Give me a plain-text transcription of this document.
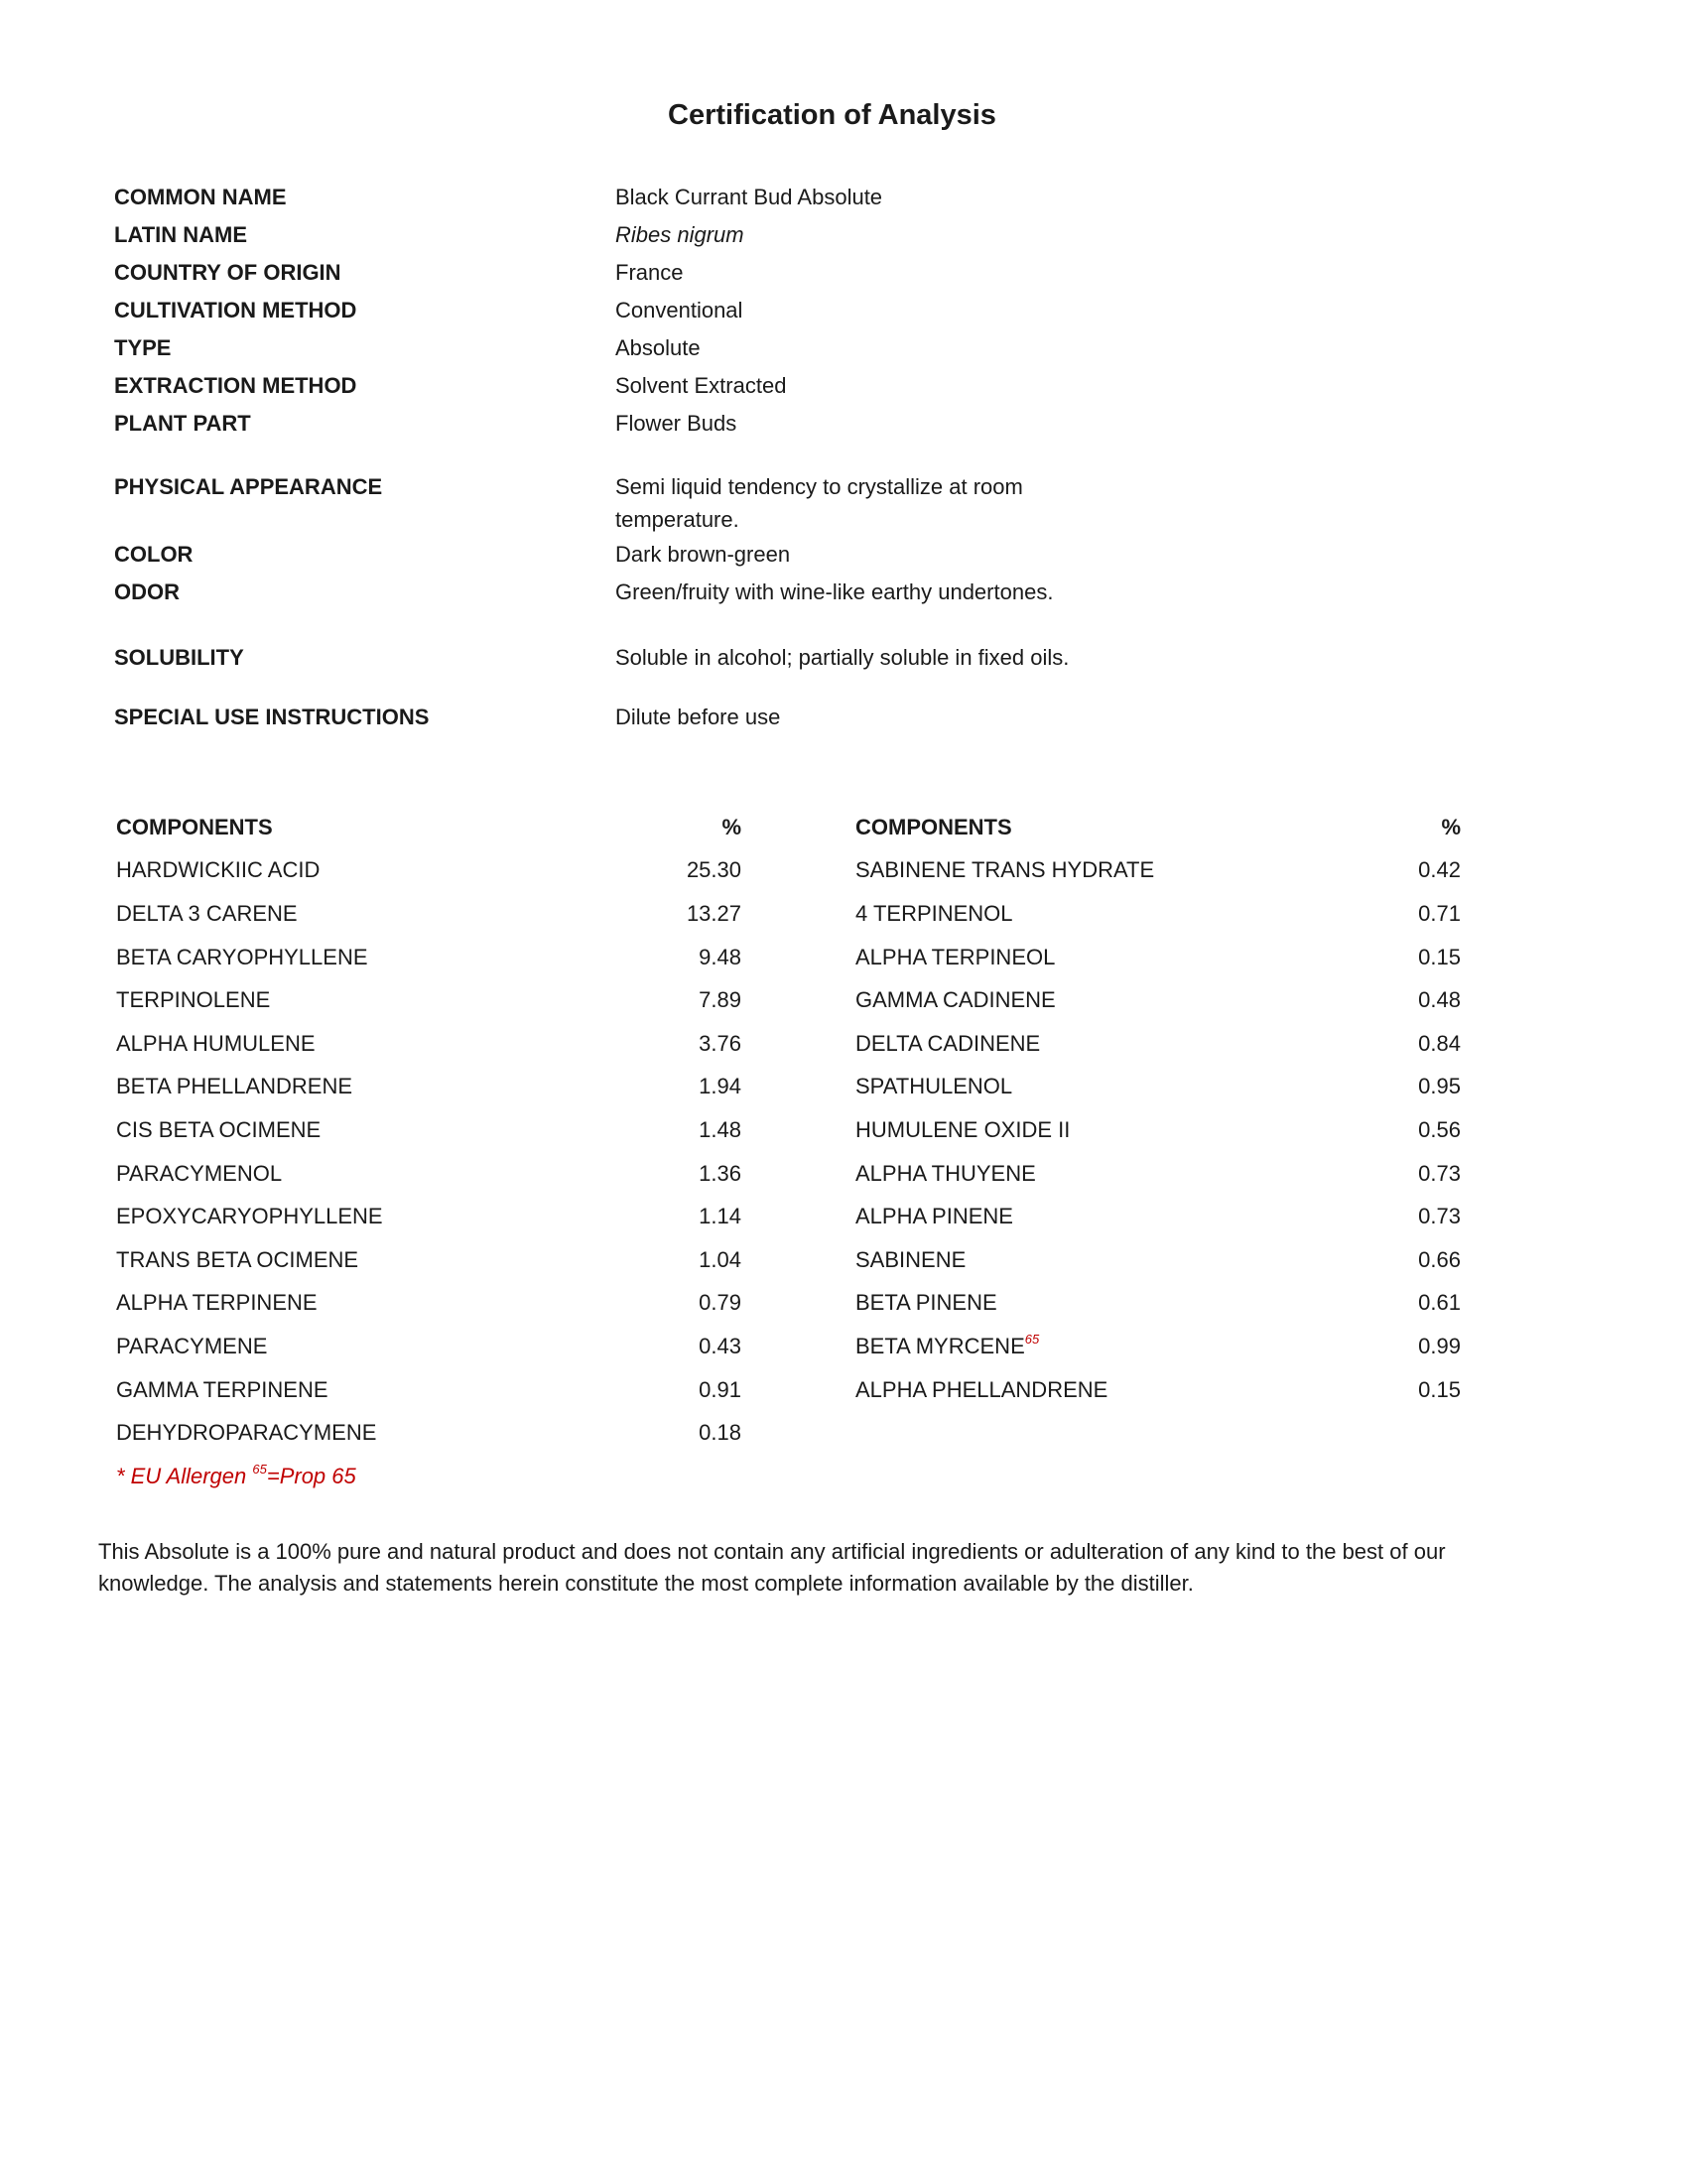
Certification of Analysis
COMMON NAME	Black Currant Bud Absolute
LATIN NAME	Ribes nigrum
COUNTRY OF ORIGIN	France
CULTIVATION METHOD	Conventional
TYPE	Absolute
EXTRACTION METHOD	Solvent Extracted
PLANT PART	Flower Buds
PHYSICAL APPEARANCE	Semi liquid tendency to crystallize at room temperature.
COLOR	Dark brown-green
ODOR	Green/fruity with wine-like earthy undertones.
SOLUBILITY	Soluble in alcohol; partially soluble in fixed oils.
SPECIAL USE INSTRUCTIONS	Dilute before use
COMPONENTS	%
HARDWICKIIC ACID	25.30
DELTA 3 CARENE	13.27
BETA CARYOPHYLLENE	9.48
TERPINOLENE	7.89
ALPHA HUMULENE	3.76
BETA PHELLANDRENE	1.94
CIS BETA OCIMENE	1.48
PARACYMENOL	1.36
EPOXYCARYOPHYLLENE	1.14
TRANS BETA OCIMENE	1.04
ALPHA TERPINENE	0.79
PARACYMENE	0.43
GAMMA TERPINENE	0.91
DEHYDROPARACYMENE	0.18
* EU Allergen $^{65}$=Prop 65
COMPONENTS	%
SABINENE TRANS HYDRATE	0.42
4 TERPINENOL	0.71
ALPHA TERPINEOL	0.15
GAMMA CADINENE	0.48
DELTA CADINENE	0.84
SPATHULENOL	0.95
HUMULENE OXIDE II	0.56
ALPHA THUYENE	0.73
ALPHA PINENE	0.73
SABINENE	0.66
BETA PINENE	0.61
BETA MYRCENE$^{65}$	0.99
ALPHA PHELLANDRENE	0.15

This Absolute is a 100% pure and natural product and does not contain any artificial ingredients or adulteration of any kind to the best of our knowledge. The analysis and statements herein constitute the most complete information available by the distiller.
